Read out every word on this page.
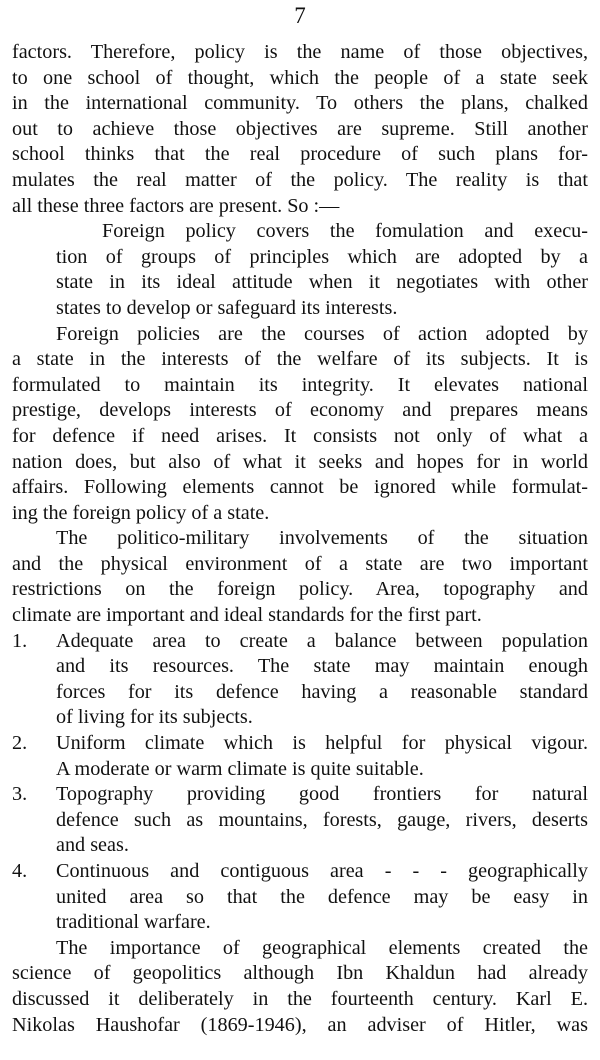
7
factors. Therefore, policy is the name of those objectives,
to one school of thought, which the people of a state seek
in the international community. To others the plans, chalked
out to achieve those objectives are supreme. Still another
school thinks that the real procedure of such plans for-
mulates the real matter of the policy. The reality is that
all these three factors are present. So :—
Foreign policy covers the fomulation and execu-
tion of groups of principles which are adopted by a
state in its ideal attitude when it negotiates with other
states to develop or safeguard its interests.
Foreign policies are the courses of action adopted by
a state in the interests of the welfare of its subjects. It is
formulated to maintain its integrity. It elevates national
prestige, develops interests of economy and prepares means
for defence if need arises. It consists not only of what a
nation does, but also of what it seeks and hopes for in world
affairs. Following elements cannot be ignored while formulat-
ing the foreign policy of a state.
The politico-military involvements of the situation
and the physical environment of a state are two important
restrictions on the foreign policy. Area, topography and
climate are important and ideal standards for the first part.
1.	Adequate area to create a balance between population
and its resources. The state may maintain enough
forces for its defence having a reasonable standard
of living for its subjects.
2.	Uniform climate which is helpful for physical vigour.
A moderate or warm climate is quite suitable.
3.	Topography providing good frontiers for natural
defence such as mountains, forests, gauge, rivers, deserts
and seas.
4.	Continuous and contiguous area - - - geographically
united area so that the defence may be easy in
traditional warfare.
The importance of geographical elements created the
science of geopolitics although Ibn Khaldun had already
discussed it deliberately in the fourteenth century. Karl E.
Nikolas Haushofar (1869-1946), an adviser of Hitler, was
